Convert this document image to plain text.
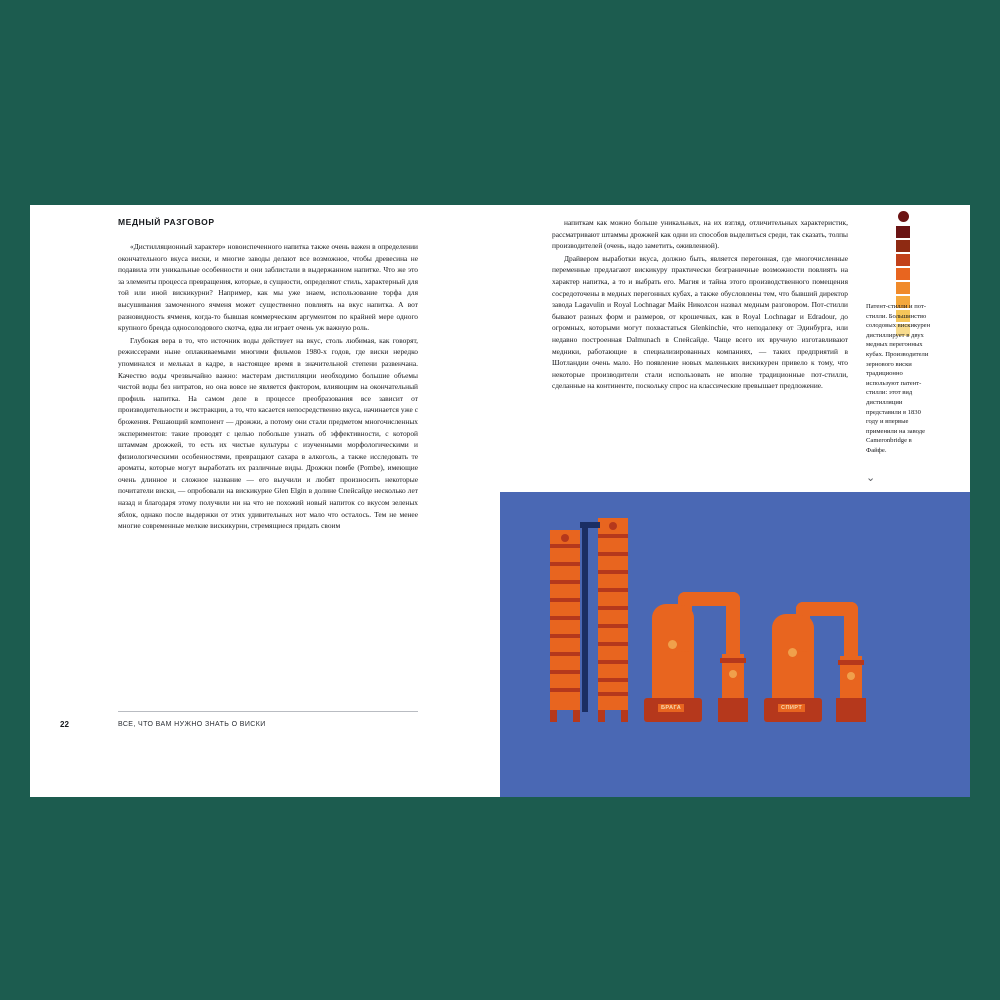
МЕДНЫЙ РАЗГОВОР

«Дистилляционный характер» новоиспеченного напитка также очень важен в определении окончательного вкуса виски, и многие заводы делают все возможное, чтобы древесина не подавила эти уникальные особенности и они заблистали в выдержанном напитке. Что же это за элементы процесса превращения, которые, в сущности, определяют стиль, характерный для той или иной вискикурни? Например, как мы уже знаем, использование торфа для высушивания замоченного ячменя может существенно повлиять на вкус напитка. А вот разновидность ячменя, когда-то бывшая коммерческим аргументом по крайней мере одного крупного бренда односолодового скотча, едва ли играет очень уж важную роль.

Глубокая вера в то, что источник воды действует на вкус, столь любимая, как говорят, режиссерами ныне оплакиваемыми многими фильмов 1980-х годов, где виски нередко упоминался и мелькал в кадре, в настоящее время в значительной степени развенчана. Качество воды чрезвычайно важно: мастерам дистилляции необходимо большие объемы чистой воды без нитратов, но она вовсе не является фактором, влияющим на окончательный профиль напитка. На самом деле в процессе преобразования все зависит от производительности и экстракции, а то, что касается непосредственно вкуса, начинается уже с брожения. Решающий компонент — дрожжи, а потому они стали предметом многочисленных экспериментов: такие проводят с целью побольше узнать об эффективности, с которой штаммам дрожжей, то есть их чистые культуры с изученными морфологическими и физиологическими особенностями, превращают сахара в алкоголь, а также исследовать те ароматы, которые могут выработать их различные виды. Дрожжи помбе (Pombe), имеющие очень длинное и сложное название — его выучили и любят произносить некоторые почитатели виски, — опробовали на вискикурне Glen Elgin в долине Спейсайде несколько лет назад и благодаря этому получили ни на что не похожий новый напиток со вкусом зеленых яблок, однако после выдержки от этих удивительных нот мало что осталось. Тем не менее многие современные мелкие вискикурни, стремящиеся придать своим

22	ВСЕ, ЧТО ВАМ НУЖНО ЗНАТЬ О ВИСКИ

напиткам как можно больше уникальных, на их взгляд, отличительных характеристик, рассматривают штаммы дрожжей как одни из способов выделиться среди, так сказать, толпы производителей (очень, надо заметить, оживленной).

Драйвером выработки вкуса, должно быть, является перегонная, где многочисленные переменные предлагают вискикуру практически безграничные возможности повлиять на характер напитка, а то и выбрать его. Магия и тайна этого производственного помещения сосредоточены в медных перегонных кубах, а также обусловлены тем, что бывший директор завода Lagavulin и Royal Lochnagar Майк Николсон назвал медным разговором. Пот-стилли бывают разных форм и размеров, от крошечных, как в Royal Lochnagar и Edradour, до огромных, которыми могут похвастаться Glenkinchie, что неподалеку от Эдинбурга, или недавно построенная Dalmunach в Спейсайде. Чаще всего их вручную изготавливают медники, работающие в специализированных компаниях, — таких предприятий в Шотландии очень мало. Но появление новых маленьких вискикурен привело к тому, что некоторые производители стали использовать не вполне традиционные пот-стилли, сделанные на континенте, поскольку спрос на классические превышает предложение.

Патент-стилли и пот-стилли. Большинство солодовых вискикурен дистиллирует в двух медных перегонных кубах. Производители зернового виски традиционно используют патент-стилли: этот вид дистилляции представили в 1830 году и впервые применили на заводе Cameronbridge в Файфе.
⌄
БРАГА	СПИРТ
